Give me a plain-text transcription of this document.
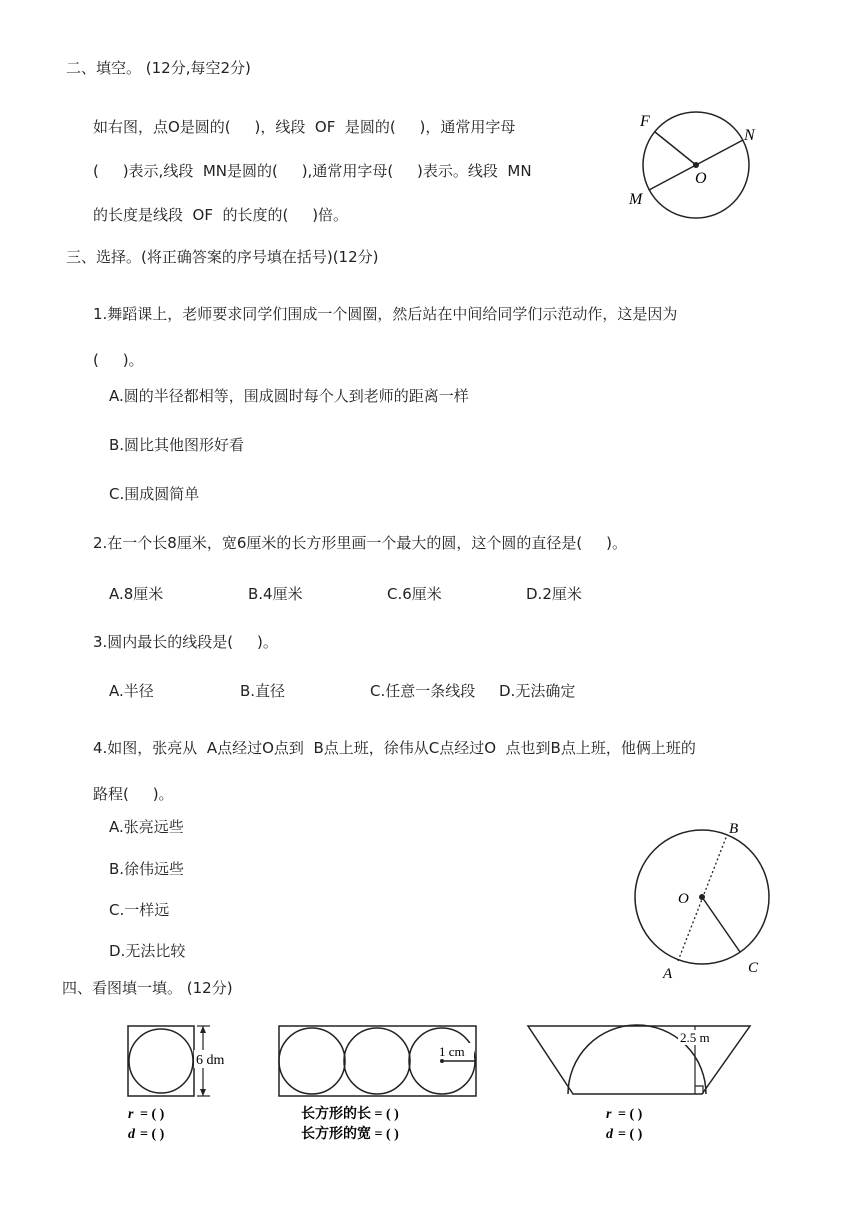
二、填空。 (12分,每空2分)
如右图，点O是圆的(     )，线段  OF  是圆的(     )，通常用字母
(     )表示,线段  MN是圆的(     ),通常用字母(     )表示。线段  MN
的长度是线段  OF  的长度的(     )倍。
F
N
O
M
三、选择。(将正确答案的序号填在括号)(12分)
1.舞蹈课上，老师要求同学们围成一个圆圈，然后站在中间给同学们示范动作，这是因为
(     )。
A.圆的半径都相等，围成圆时每个人到老师的距离一样
B.圆比其他图形好看
C.围成圆简单
2.在一个长8厘米，宽6厘米的长方形里画一个最大的圆，这个圆的直径是(     )。
A.8厘米	B.4厘米	C.6厘米	D.2厘米
3.圆内最长的线段是(     )。
A.半径	B.直径	C.任意一条线段 D.无法确定
4.如图，张亮从  A点经过O点到  B点上班，徐伟从C点经过O  点也到B点上班，他俩上班的
路程(     )。
A.张亮远些
B.徐伟远些
C.一样远
D.无法比较
B
O
A	C
四、看图填一填。 (12分)
6 dm
r = ( )
d = ( )
1 cm
长方形的长 = ( )
长方形的宽 = ( )
2.5 m
r = ( )
d = ( )
